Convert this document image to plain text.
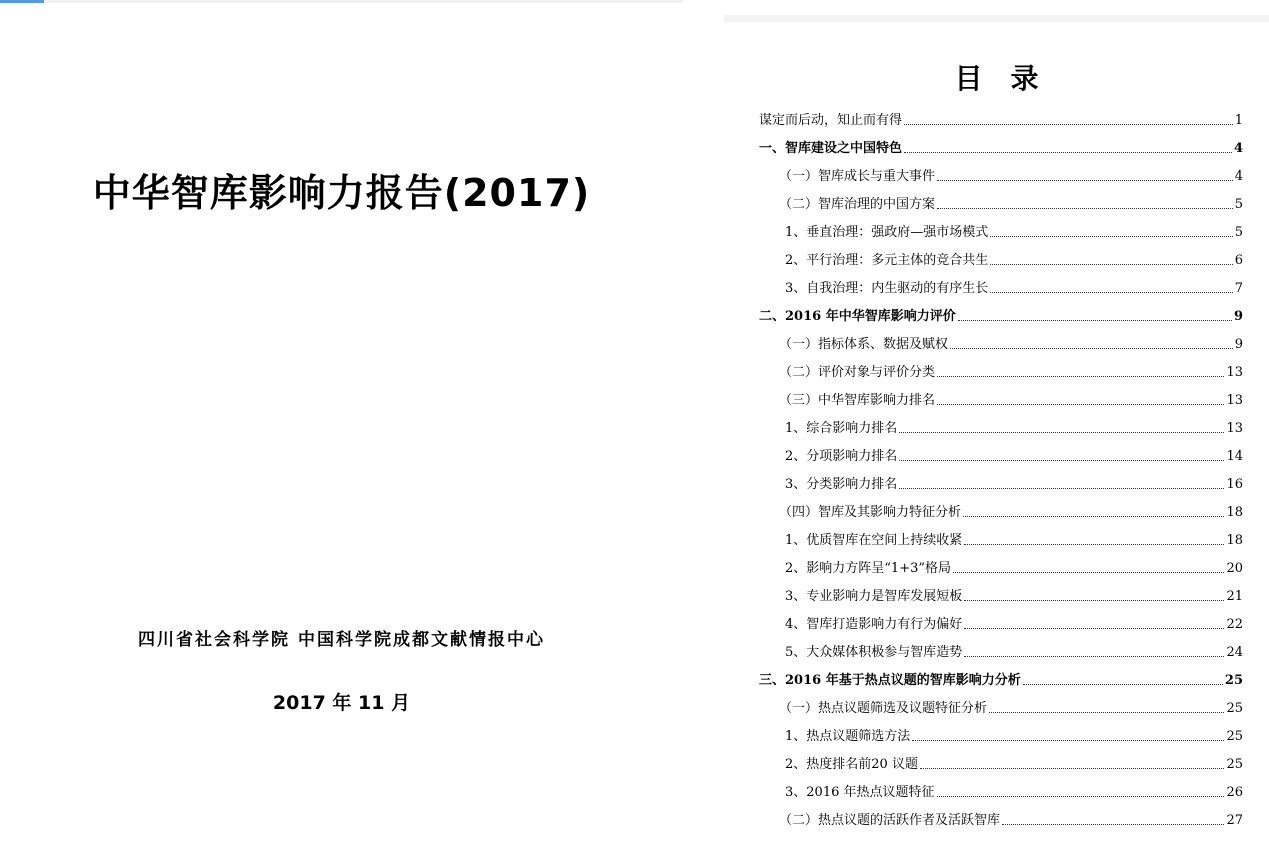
中华智库影响力报告(2017)
四川省社会科学院 中国科学院成都文献情报中心
2017 年 11 月
目录
谋定而后动，知止而有得	1
一、智库建设之中国特色	4
（一）智库成长与重大事件	4
（二）智库治理的中国方案	5
1、垂直治理：强政府—强市场模式	5
2、平行治理：多元主体的竞合共生	6
3、自我治理：内生驱动的有序生长	7
二、2016 年中华智库影响力评价	9
（一）指标体系、数据及赋权	9
（二）评价对象与评价分类	13
（三）中华智库影响力排名	13
1、综合影响力排名	13
2、分项影响力排名	14
3、分类影响力排名	16
（四）智库及其影响力特征分析	18
1、优质智库在空间上持续收紧	18
2、影响力方阵呈“1+3”格局	20
3、专业影响力是智库发展短板	21
4、智库打造影响力有行为偏好	22
5、大众媒体积极参与智库造势	24
三、2016 年基于热点议题的智库影响力分析	25
（一）热点议题筛选及议题特征分析	25
1、热点议题筛选方法	25
2、热度排名前20 议题	25
3、2016 年热点议题特征	26
（二）热点议题的活跃作者及活跃智库	27
